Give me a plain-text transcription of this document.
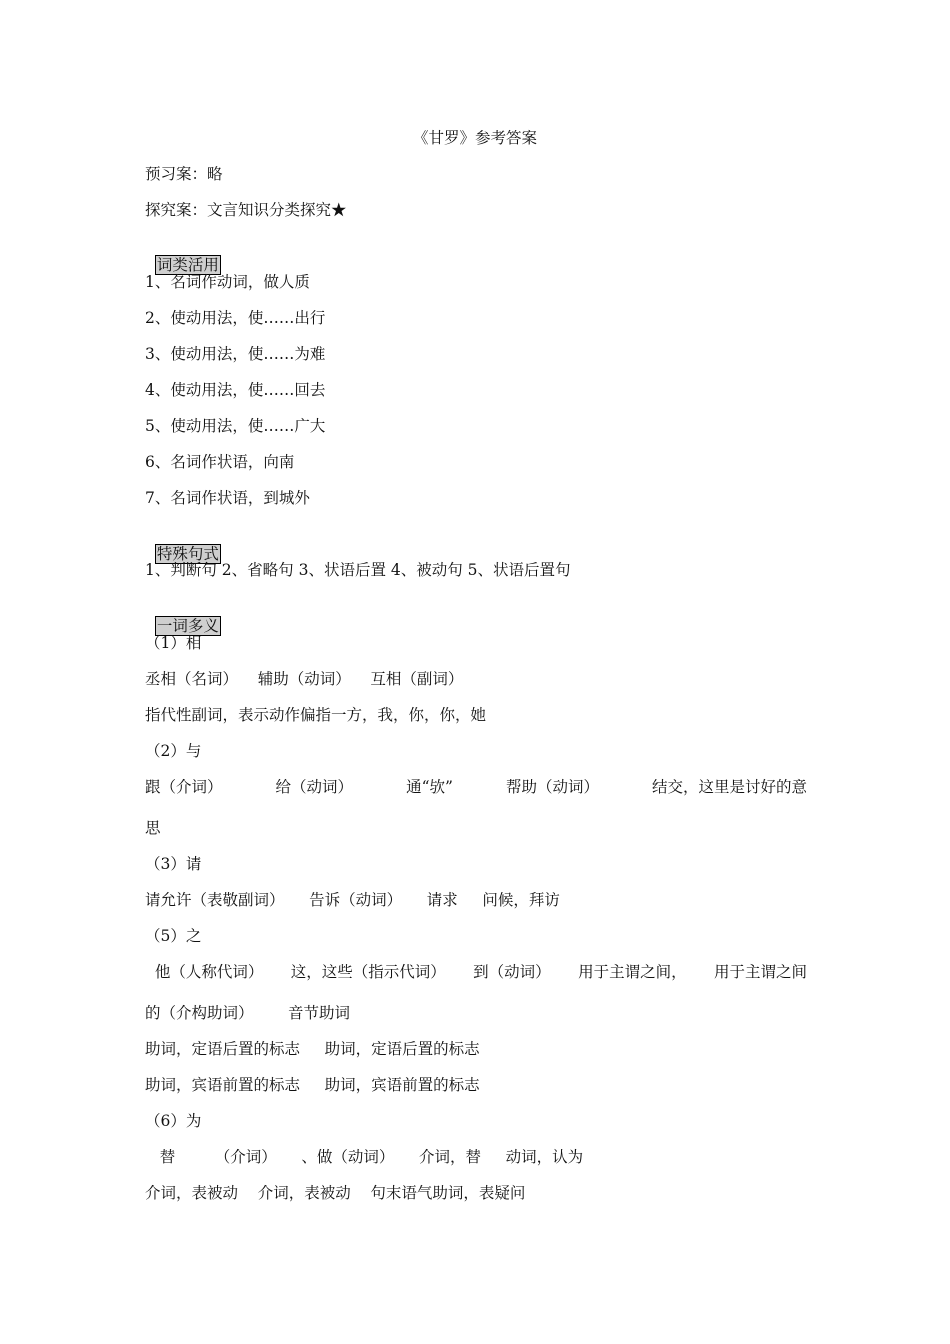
《甘罗》参考答案
预习案：略
探究案：文言知识分类探究★

词类活用

1、名词作动词，做人质
2、使动用法，使……出行
3、使动用法，使……为难
4、使动用法，使……回去
5、使动用法，使……广大
6、名词作状语，向南
7、名词作状语，到城外

特殊句式

1、判断句 2、省略句 3、状语后置 4、被动句 5、状语后置句

一词多义

（1）相
丞相（名词）    辅助（动词）    互相（副词）
指代性副词，表示动作偏指一方，我，你，你，她
（2）与
跟（介词）	给（动词）	通“欤”	帮助（动词）	结交，这里是讨好的意
思
（3）请
请允许（表敬副词）     告诉（动词）     请求     问候，拜访
（5）之
他（人称代词） 这，这些（指示代词） 到（动词） 用于主谓之间， 用于主谓之间
的（介构助词）       音节助词
助词，定语后置的标志     助词，定语后置的标志
助词，宾语前置的标志     助词，宾语前置的标志
（6）为
替        （介词）     、做（动词）     介词，替     动词，认为
介词，表被动    介词，表被动    句末语气助词，表疑问
